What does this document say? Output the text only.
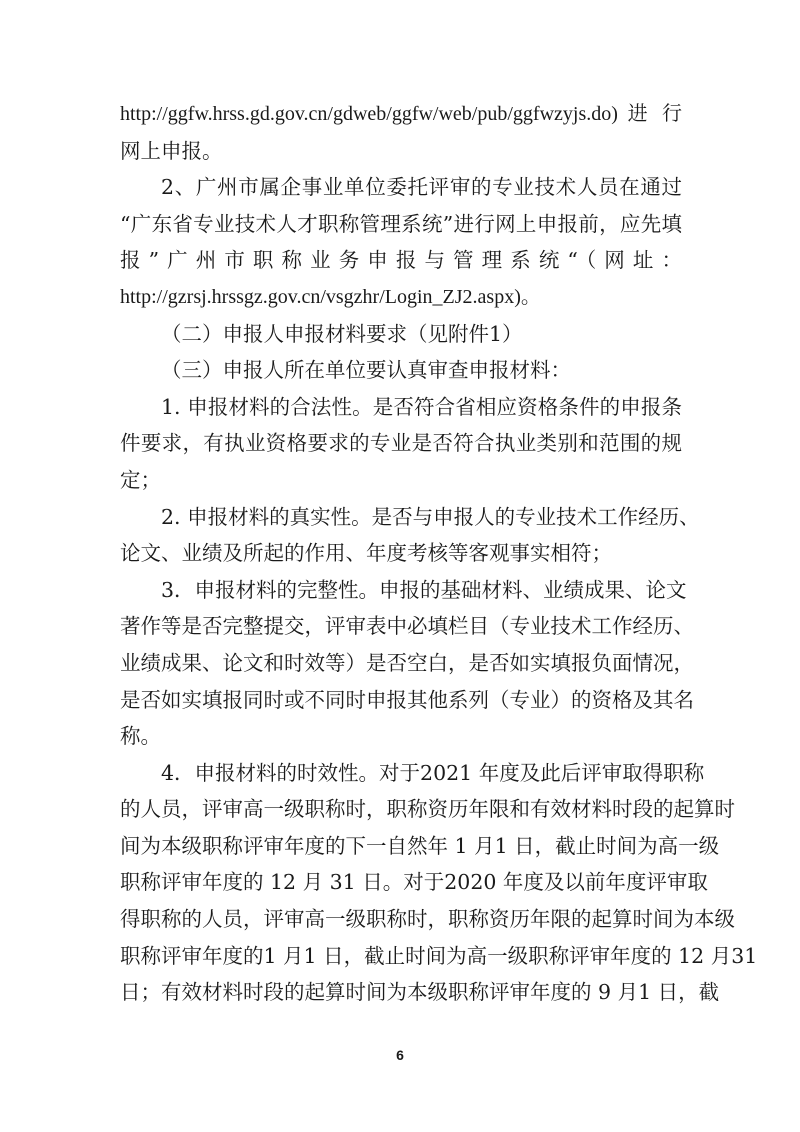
http://ggfw.hrss.gd.gov.cn/gdweb/ggfw/web/pub/ggfwzyjs.do) 进 行
网上申报。
2、广州市属企事业单位委托评审的专业技术人员在通过
“广东省专业技术人才职称管理系统”进行网上申报前，应先填
报”广州市职称业务申报与管理系统“（网址：
http://gzrsj.hrssgz.gov.cn/vsgzhr/Login_ZJ2.aspx)。
（二）申报人申报材料要求（见附件1）
（三）申报人所在单位要认真审查申报材料：
1. 申报材料的合法性。是否符合省相应资格条件的申报条
件要求，有执业资格要求的专业是否符合执业类别和范围的规
定；
2. 申报材料的真实性。是否与申报人的专业技术工作经历、
论文、业绩及所起的作用、年度考核等客观事实相符；
3．申报材料的完整性。申报的基础材料、业绩成果、论文
著作等是否完整提交，评审表中必填栏目（专业技术工作经历、
业绩成果、论文和时效等）是否空白，是否如实填报负面情况，
是否如实填报同时或不同时申报其他系列（专业）的资格及其名
称。
4．申报材料的时效性。对于2021 年度及此后评审取得职称
的人员，评审高一级职称时，职称资历年限和有效材料时段的起算时
间为本级职称评审年度的下一自然年 1 月1 日，截止时间为高一级
职称评审年度的 12 月 31 日。对于2020 年度及以前年度评审取
得职称的人员，评审高一级职称时，职称资历年限的起算时间为本级
职称评审年度的1 月1 日，截止时间为高一级职称评审年度的 12 月31
日；有效材料时段的起算时间为本级职称评审年度的 9 月1 日，截
6
